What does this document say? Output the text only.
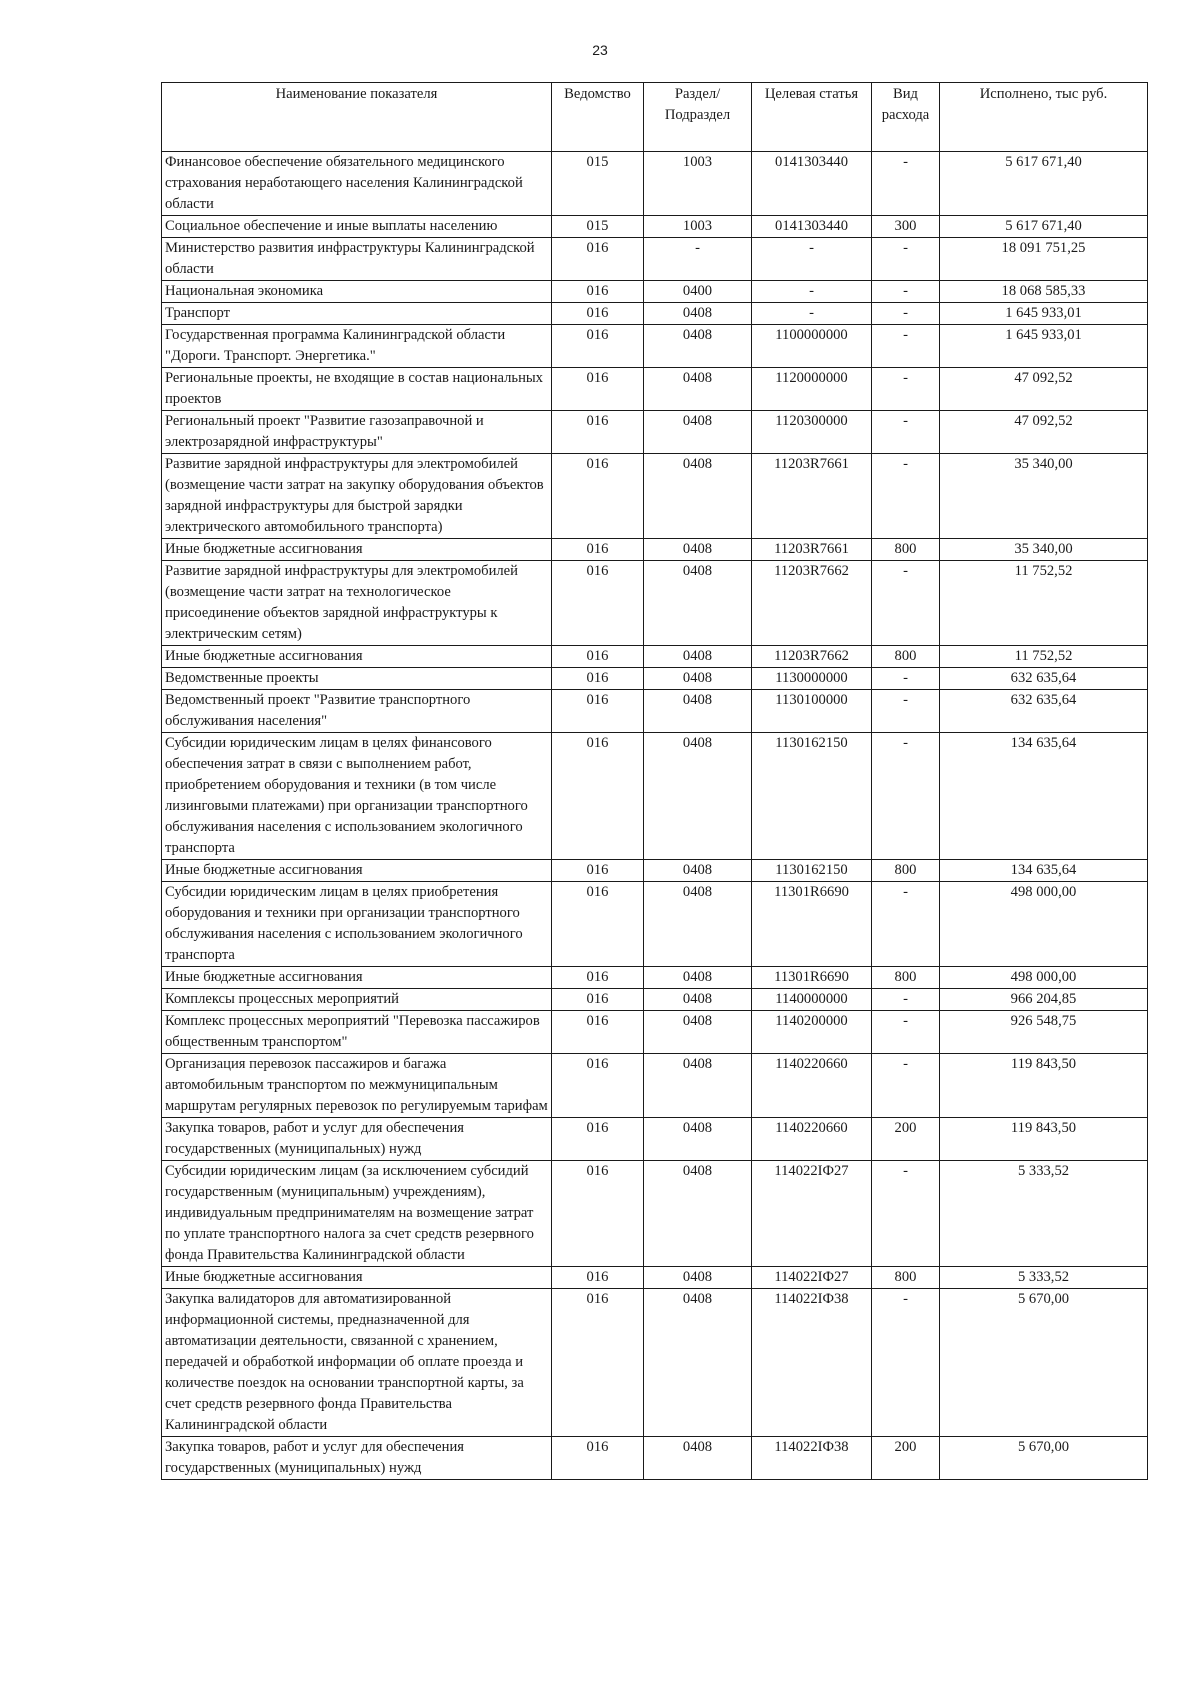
23
Наименование показателя	Ведомство	Раздел/ Подраздел	Целевая статья	Вид расхода	Исполнено, тыс руб.
Финансовое обеспечение обязательного медицинского страхования неработающего населения Калининградской области	015	1003	0141303440	-	5 617 671,40
Социальное обеспечение и иные выплаты населению	015	1003	0141303440	300	5 617 671,40
Министерство развития инфраструктуры Калининградской области	016	-	-	-	18 091 751,25
Национальная экономика	016	0400	-	-	18 068 585,33
Транспорт	016	0408	-	-	1 645 933,01
Государственная программа Калининградской области "Дороги. Транспорт. Энергетика."	016	0408	1100000000	-	1 645 933,01
Региональные проекты, не входящие в состав национальных проектов	016	0408	1120000000	-	47 092,52
Региональный проект "Развитие газозаправочной и электрозарядной инфраструктуры"	016	0408	1120300000	-	47 092,52
Развитие зарядной инфраструктуры для электромобилей (возмещение части затрат на закупку оборудования объектов зарядной инфраструктуры для быстрой зарядки электрического автомобильного транспорта)	016	0408	11203R7661	-	35 340,00
Иные бюджетные ассигнования	016	0408	11203R7661	800	35 340,00
Развитие зарядной инфраструктуры для электромобилей (возмещение части затрат на технологическое присоединение объектов зарядной инфраструктуры к электрическим сетям)	016	0408	11203R7662	-	11 752,52
Иные бюджетные ассигнования	016	0408	11203R7662	800	11 752,52
Ведомственные проекты	016	0408	1130000000	-	632 635,64
Ведомственный проект "Развитие транспортного обслуживания населения"	016	0408	1130100000	-	632 635,64
Субсидии юридическим лицам в целях финансового обеспечения затрат в связи с выполнением работ, приобретением оборудования и техники (в том числе лизинговыми платежами) при организации транспортного обслуживания населения с использованием экологичного транспорта	016	0408	1130162150	-	134 635,64
Иные бюджетные ассигнования	016	0408	1130162150	800	134 635,64
Субсидии юридическим лицам в целях приобретения оборудования и техники при организации транспортного обслуживания населения с использованием экологичного транспорта	016	0408	11301R6690	-	498 000,00
Иные бюджетные ассигнования	016	0408	11301R6690	800	498 000,00
Комплексы процессных мероприятий	016	0408	1140000000	-	966 204,85
Комплекс процессных мероприятий "Перевозка пассажиров общественным транспортом"	016	0408	1140200000	-	926 548,75
Организация перевозок пассажиров и багажа автомобильным транспортом по межмуниципальным маршрутам регулярных перевозок по регулируемым тарифам	016	0408	1140220660	-	119 843,50
Закупка товаров, работ и услуг для обеспечения государственных (муниципальных) нужд	016	0408	1140220660	200	119 843,50
Субсидии юридическим лицам (за исключением субсидий государственным (муниципальным) учреждениям), индивидуальным предпринимателям на возмещение затрат по уплате транспортного налога за счет средств резервного фонда Правительства Калининградской области	016	0408	114022IФ27	-	5 333,52
Иные бюджетные ассигнования	016	0408	114022IФ27	800	5 333,52
Закупка валидаторов для автоматизированной информационной системы, предназначенной для автоматизации деятельности, связанной с хранением, передачей и обработкой информации об оплате проезда и количестве поездок на основании транспортной карты, за счет средств резервного фонда Правительства Калининградской области	016	0408	114022IФ38	-	5 670,00
Закупка товаров, работ и услуг для обеспечения государственных (муниципальных) нужд	016	0408	114022IФ38	200	5 670,00
